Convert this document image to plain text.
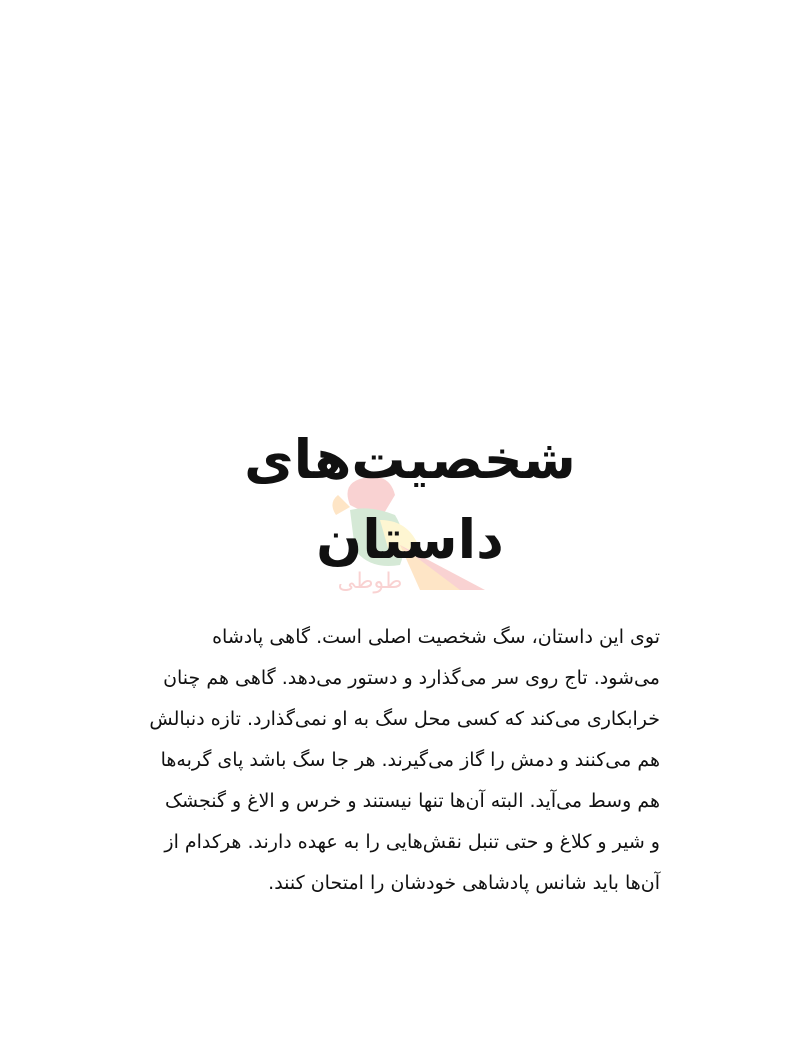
طوطی
شخصیت‌های داستان
توی این داستان، سگ شخصیت اصلی است. گاهی پادشاه
می‌شود. تاج روی سر می‌گذارد و دستور می‌دهد. گاهی هم چنان
خرابکاری می‌کند که کسی محل سگ به او نمی‌گذارد. تازه دنبالش
هم می‌کنند و دمش را گاز می‌گیرند. هر جا سگ باشد پای گربه‌ها
هم وسط می‌آید. البته آن‌ها تنها نیستند و خرس و الاغ و گنجشک
و شیر و کلاغ و حتی تنبل نقش‌هایی را به عهده دارند. هرکدام از
آن‌ها باید شانس پادشاهی خودشان را امتحان کنند.
